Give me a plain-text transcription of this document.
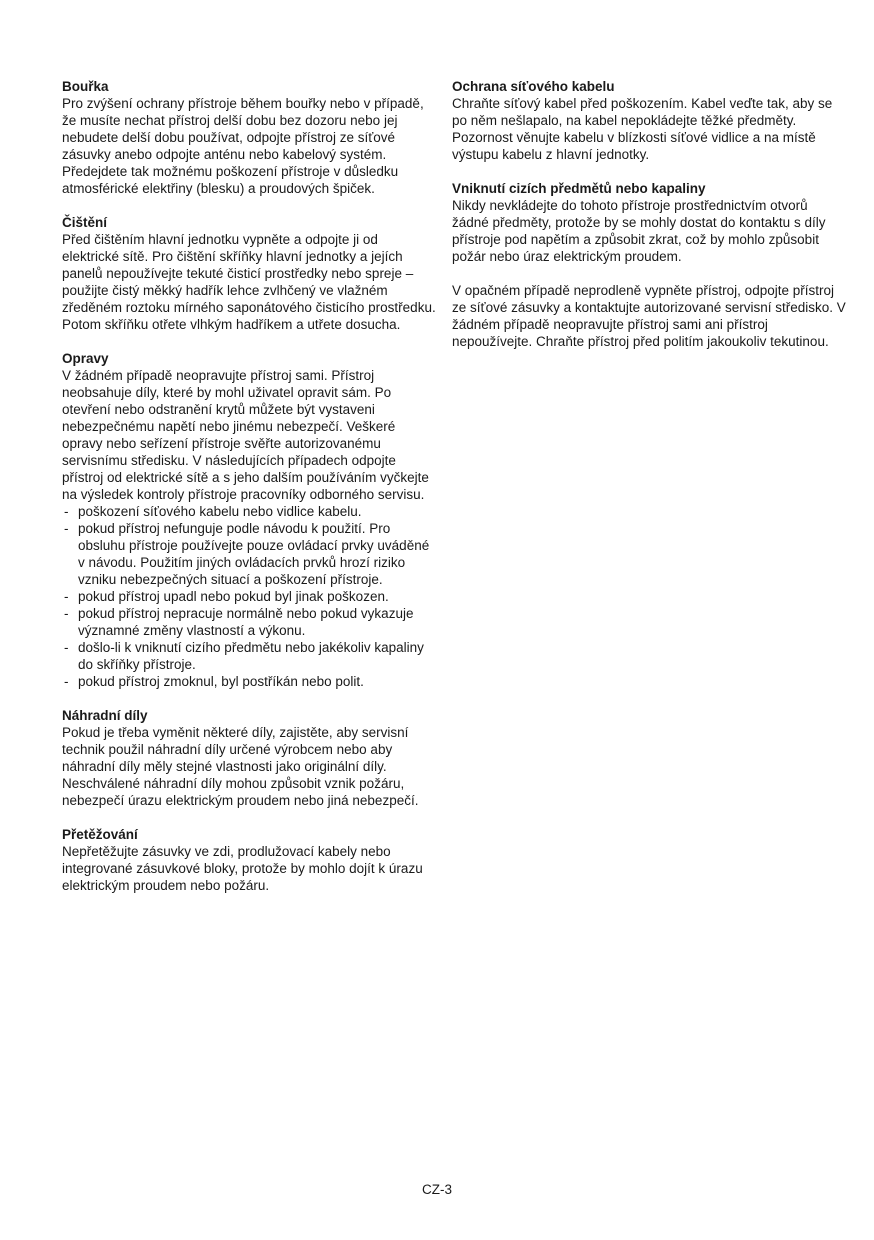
Bouřka

Pro zvýšení ochrany přístroje během bouřky nebo v případě, že musíte nechat přístroj delší dobu bez dozoru nebo jej nebudete delší dobu používat, odpojte přístroj ze síťové zásuvky anebo odpojte anténu nebo kabelový systém. Předejdete tak možnému poškození přístroje v důsledku atmosférické elektřiny (blesku) a proudových špiček.

Čištění

Před čištěním hlavní jednotku vypněte a odpojte ji od elektrické sítě. Pro čištění skříňky hlavní jednotky a jejích panelů nepoužívejte tekuté čisticí prostředky nebo spreje – použijte čistý měkký hadřík lehce zvlhčený ve vlažném zředěném roztoku mírného saponátového čisticího prostředku. Potom skříňku otřete vlhkým hadříkem a utřete dosucha.

Opravy

V žádném případě neopravujte přístroj sami. Přístroj neobsahuje díly, které by mohl uživatel opravit sám. Po otevření nebo odstranění krytů můžete být vystaveni nebezpečnému napětí nebo jinému nebezpečí. Veškeré opravy nebo seřízení přístroje svěřte autorizovanému servisnímu středisku. V následujících případech odpojte přístroj od elektrické sítě a s jeho dalším používáním vyčkejte na výsledek kontroly přístroje pracovníky odborného servisu.

- poškození síťového kabelu nebo vidlice kabelu.
- pokud přístroj nefunguje podle návodu k použití. Pro obsluhu přístroje používejte pouze ovládací prvky uváděné v návodu. Použitím jiných ovládacích prvků hrozí riziko vzniku nebezpečných situací a poškození přístroje.
- pokud přístroj upadl nebo pokud byl jinak poškozen.
- pokud přístroj nepracuje normálně nebo pokud vykazuje významné změny vlastností a výkonu.
- došlo-li k vniknutí cizího předmětu nebo jakékoliv kapaliny do skříňky přístroje.
- pokud přístroj zmoknul, byl postříkán nebo polit.
Náhradní díly

Pokud je třeba vyměnit některé díly, zajistěte, aby servisní technik použil náhradní díly určené výrobcem nebo aby náhradní díly měly stejné vlastnosti jako originální díly. Neschválené náhradní díly mohou způsobit vznik požáru, nebezpečí úrazu elektrickým proudem nebo jiná nebezpečí.

Přetěžování

Nepřetěžujte zásuvky ve zdi, prodlužovací kabely nebo integrované zásuvkové bloky, protože by mohlo dojít k úrazu elektrickým proudem nebo požáru.

Ochrana síťového kabelu

Chraňte síťový kabel před poškozením. Kabel veďte tak, aby se po něm nešlapalo, na kabel nepokládejte těžké předměty. Pozornost věnujte kabelu v blízkosti síťové vidlice a na místě výstupu kabelu z hlavní jednotky.

Vniknutí cizích předmětů nebo kapaliny

Nikdy nevkládejte do tohoto přístroje prostřednictvím otvorů žádné předměty, protože by se mohly dostat do kontaktu s díly přístroje pod napětím a způsobit zkrat, což by mohlo způsobit požár nebo úraz elektrickým proudem.

V opačném případě neprodleně vypněte přístroj, odpojte přístroj ze síťové zásuvky a kontaktujte autorizované servisní středisko. V žádném případě neopravujte přístroj sami ani přístroj nepoužívejte. Chraňte přístroj před politím jakoukoliv tekutinou.

CZ-3
